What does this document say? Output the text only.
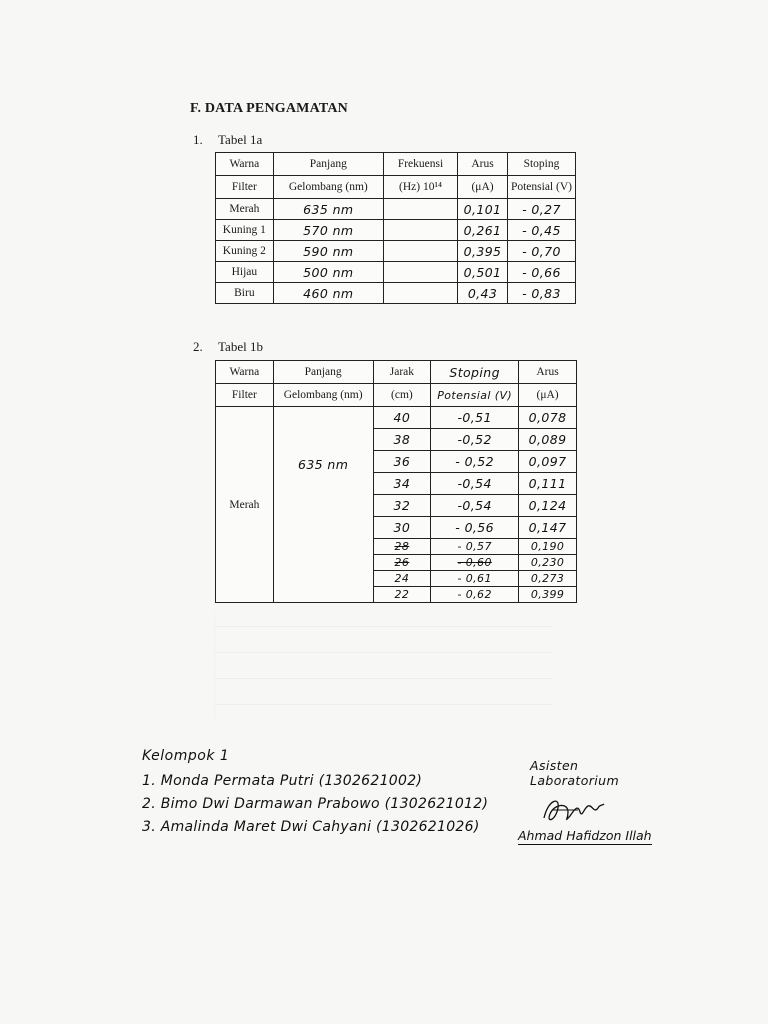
F. DATA PENGAMATAN
1. Tabel 1a
Warna	Panjang	Frekuensi	Arus	Stoping
Filter	Gelombang (nm)	(Hz) 10¹⁴	(μA)	Potensial (V)
Merah	635 nm		0,101	- 0,27
Kuning 1	570 nm		0,261	- 0,45
Kuning 2	590 nm		0,395	- 0,70
Hijau	500 nm		0,501	- 0,66
Biru	460 nm		0,43	- 0,83
2. Tabel 1b
Warna	Panjang	Jarak	Stoping	Arus
Filter	Gelombang (nm)	(cm)	Potensial (V)	(μA)
Merah	635 nm	40	-0,51	0,078
		38	-0,52	0,089
		36	- 0,52	0,097
		34	-0,54	0,111
		32	-0,54	0,124
		30	- 0,56	0,147
		28	- 0,57	0,190
		26	- 0,60	0,230
		24	- 0,61	0,273
		22	- 0,62	0,399
Kelompok 1
1. Monda Permata Putri (1302621002)
2. Bimo Dwi Darmawan Prabowo (1302621012)
3. Amalinda Maret Dwi Cahyani (1302621026)
Asisten Laboratorium
Ahmad Hafidzon Illah
